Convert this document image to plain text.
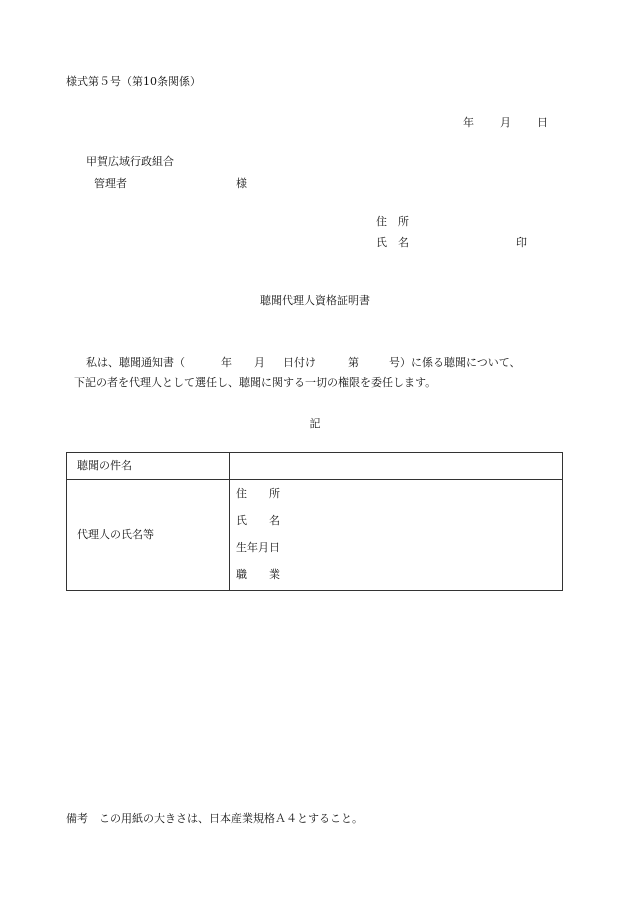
様式第５号（第10条関係）
年 月 日
甲賀広域行政組合
管理者	様
住　所
氏　名	印
聴聞代理人資格証明書
私は、聴聞通知書（	年 月 日付け	第	号）に係る聴聞について、
下記の者を代理人として選任し、聴聞に関する一切の権限を委任します。
記
聴聞の件名	

代理人の氏名等	住　　所
氏　　名
生年月日
職　　業
備考　この用紙の大きさは、日本産業規格Ａ４とすること。
